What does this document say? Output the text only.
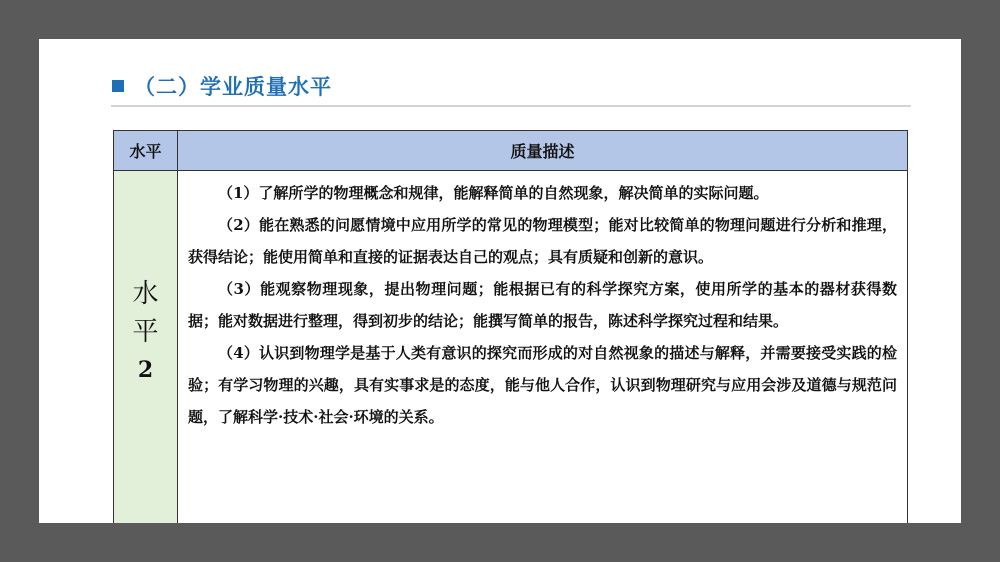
（二）学业质量水平
水平	质量描述
水
平
2

（1）了解所学的物理概念和规律，能解释简单的自然现象，解决简单的实际问题。

（2）能在熟悉的问愿情境中应用所学的常见的物理模型；能对比较简单的物理问题进行分析和推理，获得结论；能使用简单和直接的证据表达自己的观点；具有质疑和创新的意识。

（3）能观察物理现象，提出物理问题；能根据已有的科学探究方案，使用所学的基本的器材获得数据；能对数据进行整理，得到初步的结论；能撰写简单的报告，陈述科学探究过程和结果。

（4）认识到物理学是基于人类有意识的探究而形成的对自然视象的描述与解释，并需要接受实践的检验；有学习物理的兴趣，具有实事求是的态度，能与他人合作，认识到物理研究与应用会涉及道德与规范问题，了解科学·技术·社会·环境的关系。
